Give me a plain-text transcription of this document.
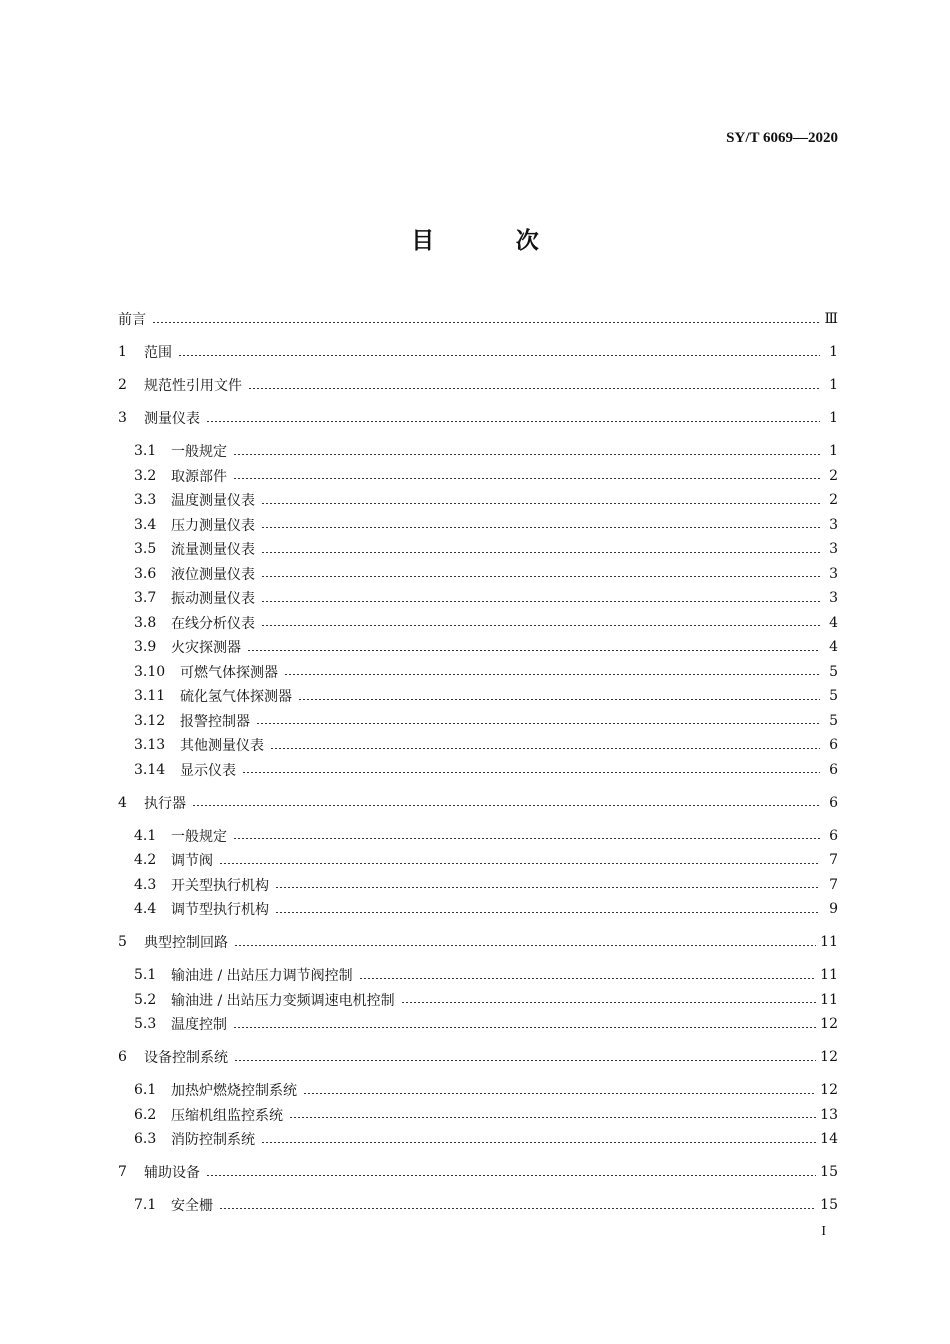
SY/T 6069—2020
目 次
前言	Ⅲ
1	范围	1
2	规范性引用文件	1
3	测量仪表	1
3.1	一般规定	1
3.2	取源部件	2
3.3	温度测量仪表	2
3.4	压力测量仪表	3
3.5	流量测量仪表	3
3.6	液位测量仪表	3
3.7	振动测量仪表	3
3.8	在线分析仪表	4
3.9	火灾探测器	4
3.10	可燃气体探测器	5
3.11	硫化氢气体探测器	5
3.12	报警控制器	5
3.13	其他测量仪表	6
3.14	显示仪表	6
4	执行器	6
4.1	一般规定	6
4.2	调节阀	7
4.3	开关型执行机构	7
4.4	调节型执行机构	9
5	典型控制回路	11
5.1	输油进 / 出站压力调节阀控制	11
5.2	输油进 / 出站压力变频调速电机控制	11
5.3	温度控制	12
6	设备控制系统	12
6.1	加热炉燃烧控制系统	12
6.2	压缩机组监控系统	13
6.3	消防控制系统	14
7	辅助设备	15
7.1	安全栅	15
I
